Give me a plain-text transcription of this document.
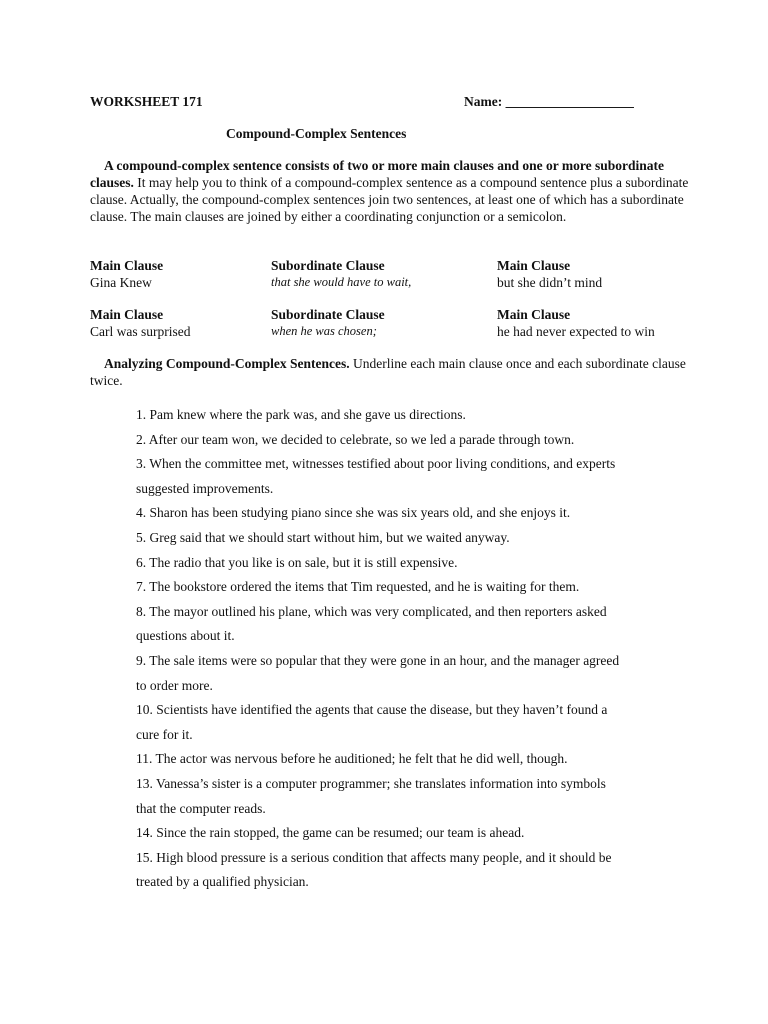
WORKSHEET 171	Name: ___________________
Compound-Complex Sentences

A compound-complex sentence consists of two or more main clauses and one or more subordinate clauses. It may help you to think of a compound-complex sentence as a compound sentence plus a subordinate clause. Actually, the compound-complex sentences join two sentences, at least one of which has a subordinate clause. The main clauses are joined by either a coordinating conjunction or a semicolon.

Main Clause
Gina Knew
Subordinate Clause
that she would have to wait,
Main Clause
but she didn’t mind
Main Clause
Carl was surprised
Subordinate Clause
when he was chosen;
Main Clause
he had never expected to win

Analyzing Compound-Complex Sentences. Underline each main clause once and each subordinate clause twice.

1. Pam knew where the park was, and she gave us directions.
2. After our team won, we decided to celebrate, so we led a parade through town.
3. When the committee met, witnesses testified about poor living conditions, and experts
suggested improvements.
4. Sharon has been studying piano since she was six years old, and she enjoys it.
5. Greg said that we should start without him, but we waited anyway.
6. The radio that you like is on sale, but it is still expensive.
7. The bookstore ordered the items that Tim requested, and he is waiting for them.
8. The mayor outlined his plane, which was very complicated, and then reporters asked
questions about it.
9. The sale items were so popular that they were gone in an hour, and the manager agreed
to order more.
10. Scientists have identified the agents that cause the disease, but they haven’t found a
cure for it.
11. The actor was nervous before he auditioned; he felt that he did well, though.
13. Vanessa’s sister is a computer programmer; she translates information into symbols
that the computer reads.
14. Since the rain stopped, the game can be resumed; our team is ahead.
15. High blood pressure is a serious condition that affects many people, and it should be
treated by a qualified physician.
